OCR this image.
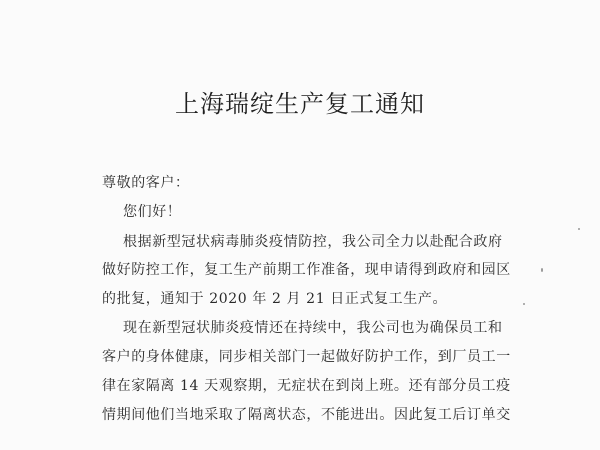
上海瑞绽生产复工通知
尊敬的客户：
您们好！
根据新型冠状病毒肺炎疫情防控，我公司全力以赴配合政府
做好防控工作，复工生产前期工作准备，现申请得到政府和园区
的批复，通知于 2020 年 2 月 21 日正式复工生产。
现在新型冠状肺炎疫情还在持续中，我公司也为确保员工和
客户的身体健康，同步相关部门一起做好防护工作，到厂员工一
律在家隔离 14 天观察期，无症状在到岗上班。还有部分员工疫
情期间他们当地采取了隔离状态，不能进出。因此复工后订单交
